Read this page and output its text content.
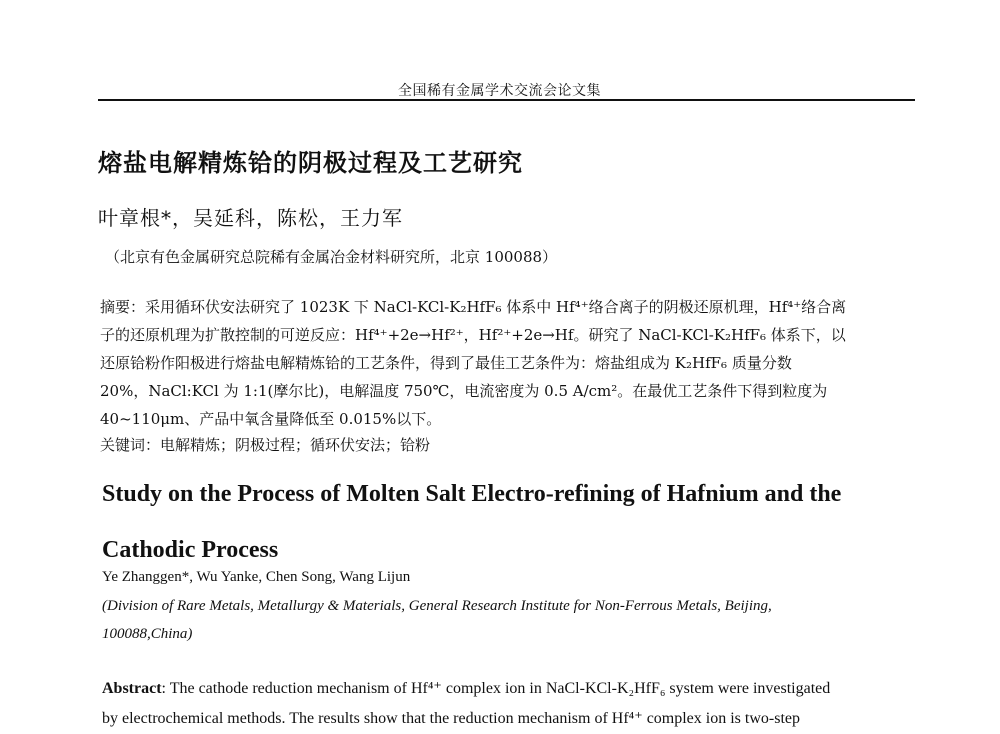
全国稀有金属学术交流会论文集
熔盐电解精炼铪的阴极过程及工艺研究
叶章根*，吴延科，陈松，王力军
（北京有色金属研究总院稀有金属冶金材料研究所，北京 100088）

摘要：采用循环伏安法研究了 1023K 下 NaCl-KCl-K₂HfF₆ 体系中 Hf⁴⁺络合离子的阴极还原机理，Hf⁴⁺络合离

子的还原机理为扩散控制的可逆反应：Hf⁴⁺+2e→Hf²⁺，Hf²⁺+2e→Hf。研究了 NaCl-KCl-K₂HfF₆ 体系下，以

还原铪粉作阳极进行熔盐电解精炼铪的工艺条件，得到了最佳工艺条件为：熔盐组成为 K₂HfF₆ 质量分数

20%，NaCl:KCl 为 1:1(摩尔比)，电解温度 750℃，电流密度为 0.5 A/cm²。在最优工艺条件下得到粒度为

40~110μm、产品中氧含量降低至 0.015%以下。

关键词：电解精炼；阴极过程；循环伏安法；铪粉
Study on the Process of Molten Salt Electro-refining of Hafnium and the
Cathodic Process
Ye Zhanggen*, Wu Yanke, Chen Song, Wang Lijun
(Division of Rare Metals, Metallurgy & Materials, General Research Institute for Non-Ferrous Metals, Beijing,
100088,China)
Abstract: The cathode reduction mechanism of Hf⁴⁺ complex ion in NaCl-KCl-K₂HfF₆ system were investigated
by electrochemical methods. The results show that the reduction mechanism of Hf⁴⁺ complex ion is two-step
